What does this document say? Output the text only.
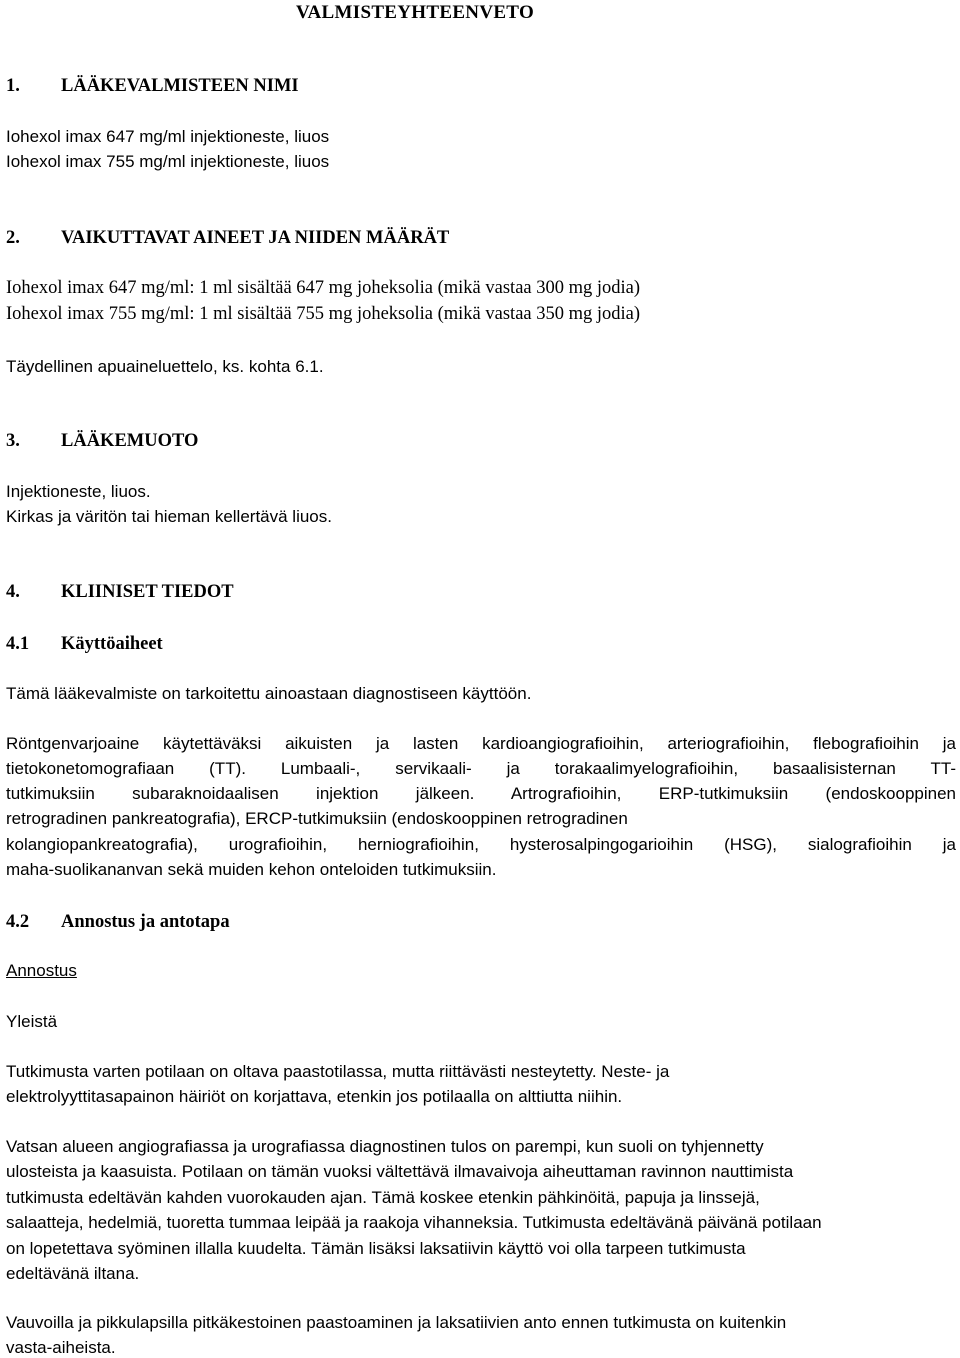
VALMISTEYHTEENVETO
1. LÄÄKEVALMISTEEN NIMI
Iohexol imax 647 mg/ml injektioneste, liuos
Iohexol imax 755 mg/ml injektioneste, liuos
2. VAIKUTTAVAT AINEET JA NIIDEN MÄÄRÄT
Iohexol imax 647 mg/ml: 1 ml sisältää 647 mg joheksolia (mikä vastaa 300 mg jodia)
Iohexol imax 755 mg/ml: 1 ml sisältää 755 mg joheksolia (mikä vastaa 350 mg jodia)
Täydellinen apuaineluettelo, ks. kohta 6.1.
3. LÄÄKEMUOTO
Injektioneste, liuos.
Kirkas ja väritön tai hieman kellertävä liuos.
4. KLIINISET TIEDOT
4.1 Käyttöaiheet
Tämä lääkevalmiste on tarkoitettu ainoastaan diagnostiseen käyttöön.
Röntgenvarjoaine käytettäväksi aikuisten ja lasten kardioangiografioihin, arteriografioihin, flebografioihin ja
tietokonetomografiaan (TT). Lumbaali-, servikaali- ja torakaalimyelografioihin, basaalisisternan TT-
tutkimuksiin subaraknoidaalisen injektion jälkeen. Artrografioihin, ERP-tutkimuksiin (endoskooppinen
retrogradinen pankreatografia), ERCP-tutkimuksiin (endoskooppinen retrogradinen
kolangiopankreatografia), urografioihin, herniografioihin, hysterosalpingogarioihin (HSG), sialografioihin ja
maha-suolikananvan sekä muiden kehon onteloiden tutkimuksiin.
4.2 Annostus ja antotapa
Annostus
Yleistä
Tutkimusta varten potilaan on oltava paastotilassa, mutta riittävästi nesteytetty. Neste- ja
elektrolyyttitasapainon häiriöt on korjattava, etenkin jos potilaalla on alttiutta niihin.
Vatsan alueen angiografiassa ja urografiassa diagnostinen tulos on parempi, kun suoli on tyhjennetty
ulosteista ja kaasuista. Potilaan on tämän vuoksi vältettävä ilmavaivoja aiheuttaman ravinnon nauttimista
tutkimusta edeltävän kahden vuorokauden ajan. Tämä koskee etenkin pähkinöitä, papuja ja linssejä,
salaatteja, hedelmiä, tuoretta tummaa leipää ja raakoja vihanneksia. Tutkimusta edeltävänä päivänä potilaan
on lopetettava syöminen illalla kuudelta. Tämän lisäksi laksatiivin käyttö voi olla tarpeen tutkimusta
edeltävänä iltana.
Vauvoilla ja pikkulapsilla pitkäkestoinen paastoaminen ja laksatiivien anto ennen tutkimusta on kuitenkin
vasta-aiheista.
